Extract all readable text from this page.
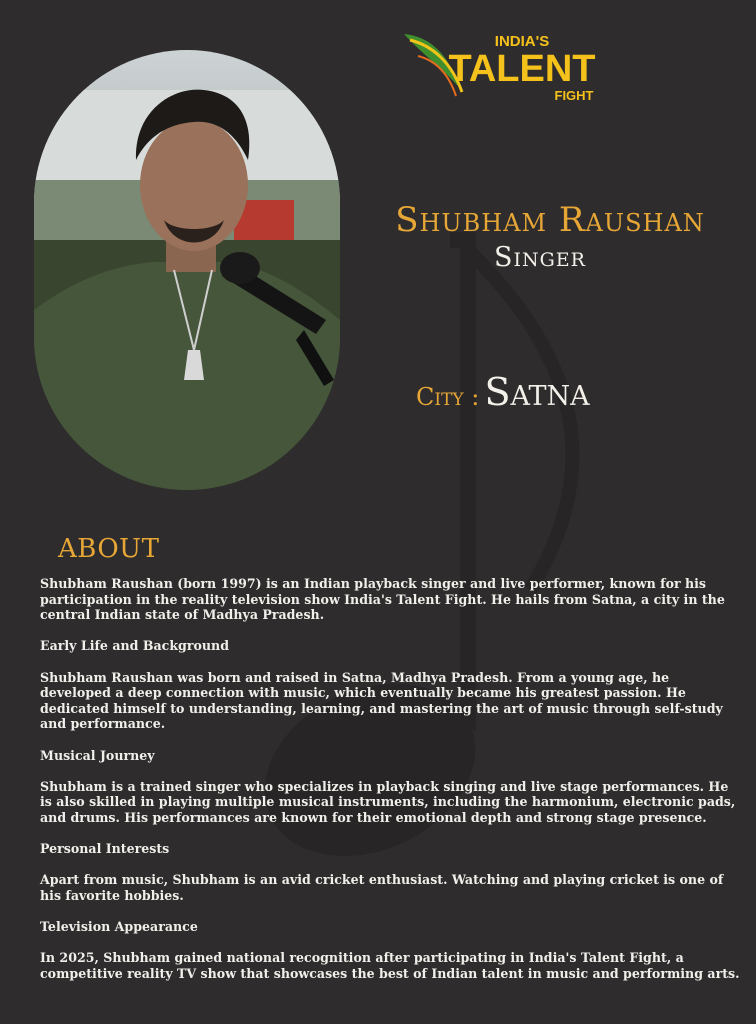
INDIA'S
TALENT
FIGHT
Shubham Raushan
Singer
City : Satna
ABOUT

Shubham Raushan (born 1997) is an Indian playback singer and live performer, known for his participation in the reality television show India's Talent Fight. He hails from Satna, a city in the central Indian state of Madhya Pradesh.

Early Life and Background

Shubham Raushan was born and raised in Satna, Madhya Pradesh. From a young age, he developed a deep connection with music, which eventually became his greatest passion. He dedicated himself to understanding, learning, and mastering the art of music through self-study and performance.

Musical Journey

Shubham is a trained singer who specializes in playback singing and live stage performances. He is also skilled in playing multiple musical instruments, including the harmonium, electronic pads, and drums. His performances are known for their emotional depth and strong stage presence.

Personal Interests

Apart from music, Shubham is an avid cricket enthusiast. Watching and playing cricket is one of his favorite hobbies.

Television Appearance

In 2025, Shubham gained national recognition after participating in India's Talent Fight, a competitive reality TV show that showcases the best of Indian talent in music and performing arts.
